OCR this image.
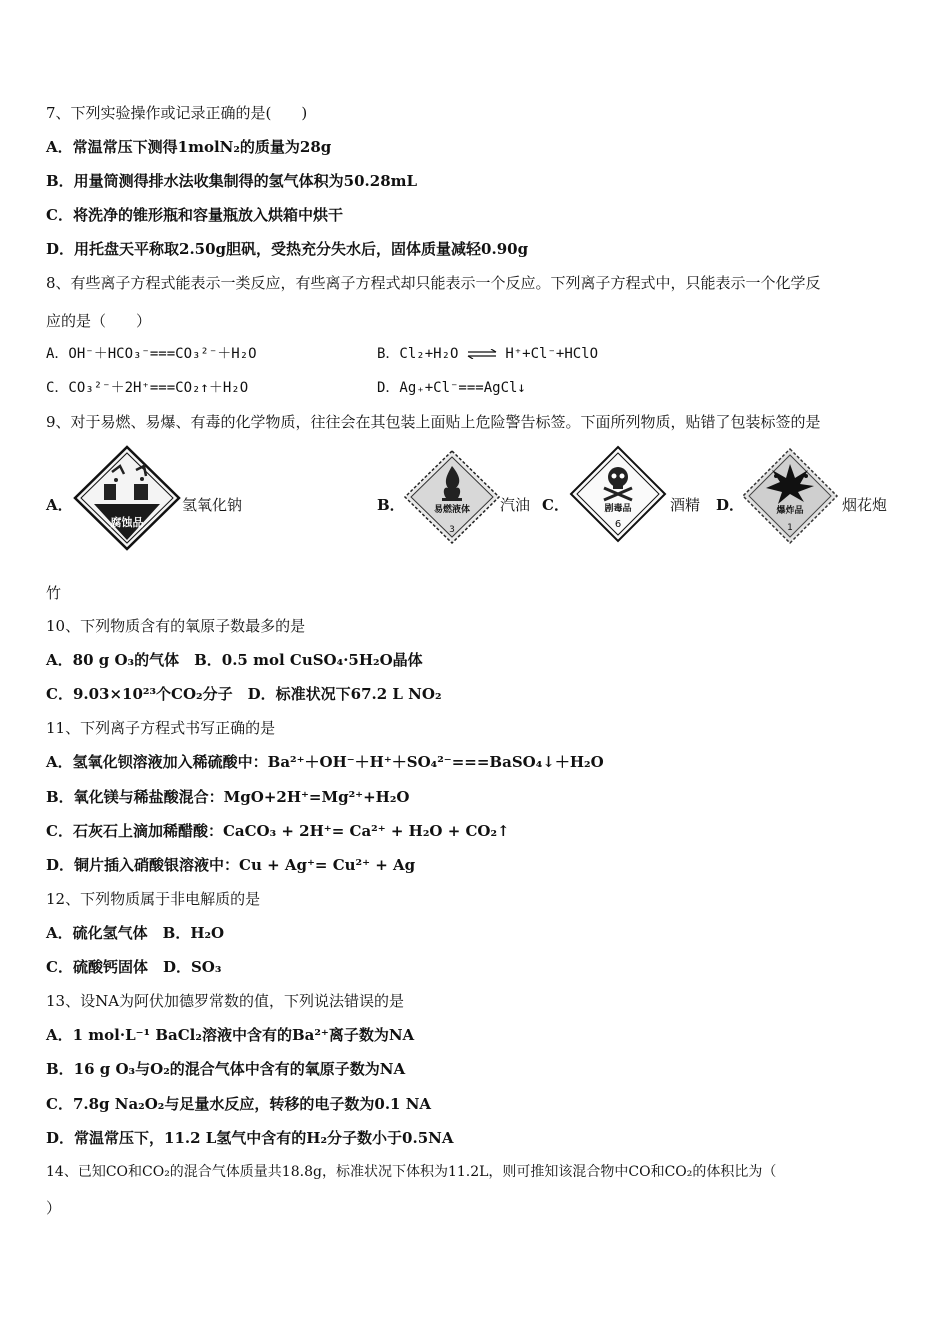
7、下列实验操作或记录正确的是(　　)
A．常温常压下测得1molN₂的质量为28g
B．用量筒测得排水法收集制得的氢气体积为50.28mL
C．将洗净的锥形瓶和容量瓶放入烘箱中烘干
D．用托盘天平称取2.50g胆矾，受热充分失水后，固体质量减轻0.90g
8、有些离子方程式能表示一类反应，有些离子方程式却只能表示一个反应。下列离子方程式中，只能表示一个化学反
应的是（　　）
A．OH⁻＋HCO₃⁻===CO₃²⁻＋H₂O	B．Cl₂+H₂O ⇌ H⁺+Cl⁻+HClO
C．CO₃²⁻＋2H⁺===CO₂↑＋H₂O	D．Ag₊+Cl⁻===AgCl↓
9、对于易燃、易爆、有毒的化学物质，往往会在其包装上面贴上危险警告标签。下面所列物质，贴错了包装标签的是
A．
腐蚀品
氢氧化钠	B．	易燃液体
3
汽油 C．	剧毒品
6
酒精 D．	爆炸品
1
烟花炮
竹
10、下列物质含有的氧原子数最多的是
A．80 g O₃的气体　B．0.5 mol CuSO₄·5H₂O晶体
C．9.03×10²³个CO₂分子　D．标准状况下67.2 L NO₂
11、下列离子方程式书写正确的是
A．氢氧化钡溶液加入稀硫酸中：Ba²⁺＋OH⁻＋H⁺＋SO₄²⁻===BaSO₄↓＋H₂O
B．氧化镁与稀盐酸混合：MgO+2H⁺=Mg²⁺+H₂O
C．石灰石上滴加稀醋酸：CaCO₃ + 2H⁺= Ca²⁺ + H₂O + CO₂↑
D．铜片插入硝酸银溶液中：Cu + Ag⁺= Cu²⁺ + Ag
12、下列物质属于非电解质的是
A．硫化氢气体　B．H₂O
C．硫酸钙固体　D．SO₃
13、设NA为阿伏加德罗常数的值，下列说法错误的是
A．1 mol·L⁻¹ BaCl₂溶液中含有的Ba²⁺离子数为NA
B．16 g O₃与O₂的混合气体中含有的氧原子数为NA
C．7.8g Na₂O₂与足量水反应，转移的电子数为0.1 NA
D．常温常压下，11.2 L氢气中含有的H₂分子数小于0.5NA
14、已知CO和CO₂的混合气体质量共18.8g，标准状况下体积为11.2L，则可推知该混合物中CO和CO₂的体积比为（
）
